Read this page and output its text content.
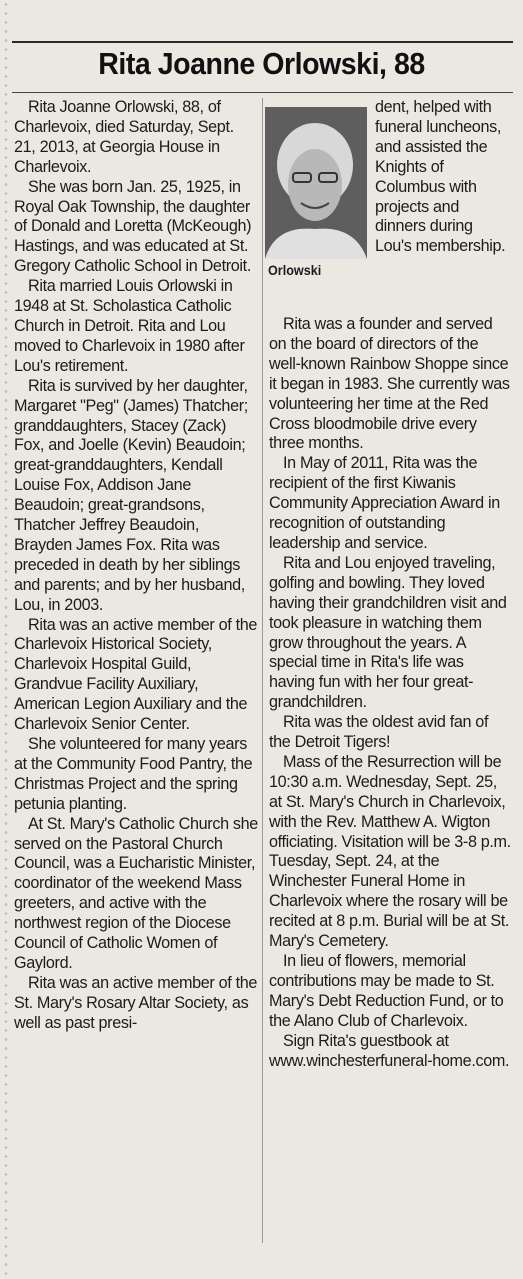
Rita Joanne Orlowski, 88

Rita Joanne Orlowski, 88, of Charlevoix, died Saturday, Sept. 21, 2013, at Georgia House in Charlevoix.

She was born Jan. 25, 1925, in Royal Oak Township, the daughter of Donald and Loretta (McKeough) Hastings, and was educated at St. Gregory Catholic School in Detroit.

Rita married Louis Orlowski in 1948 at St. Scholastica Catholic Church in Detroit. Rita and Lou moved to Charlevoix in 1980 after Lou's retirement.

Rita is survived by her daughter, Margaret "Peg" (James) Thatcher; granddaughters, Stacey (Zack) Fox, and Joelle (Kevin) Beaudoin; great-granddaughters, Kendall Louise Fox, Addison Jane Beaudoin; great-grandsons, Thatcher Jeffrey Beaudoin, Brayden James Fox. Rita was preceded in death by her siblings and parents; and by her husband, Lou, in 2003.

Rita was an active member of the Charlevoix Historical Society, Charlevoix Hospital Guild, Grandvue Facility Auxiliary, American Legion Auxiliary and the Charlevoix Senior Center.

She volunteered for many years at the Community Food Pantry, the Christmas Project and the spring petunia planting.

At St. Mary's Catholic Church she served on the Pastoral Church Council, was a Eucharistic Minister, coordinator of the weekend Mass greeters, and active with the northwest region of the Diocese Council of Catholic Women of Gaylord.

Rita was an active member of the St. Mary's Rosary Altar Society, as well as past presi-

Orlowski

dent, helped with funeral luncheons, and assisted the Knights of Columbus with projects and dinners during Lou's membership.

Rita was a founder and served on the board of directors of the well-known Rainbow Shoppe since it began in 1983. She currently was volunteering her time at the Red Cross bloodmobile drive every three months.

In May of 2011, Rita was the recipient of the first Kiwanis Community Appreciation Award in recognition of outstanding leadership and service.

Rita and Lou enjoyed traveling, golfing and bowling. They loved having their grandchildren visit and took pleasure in watching them grow throughout the years. A special time in Rita's life was having fun with her four great-grandchildren.

Rita was the oldest avid fan of the Detroit Tigers!

Mass of the Resurrection will be 10:30 a.m. Wednesday, Sept. 25, at St. Mary's Church in Charlevoix, with the Rev. Matthew A. Wigton officiating. Visitation will be 3-8 p.m. Tuesday, Sept. 24, at the Winchester Funeral Home in Charlevoix where the rosary will be recited at 8 p.m. Burial will be at St. Mary's Cemetery.

In lieu of flowers, memorial contributions may be made to St. Mary's Debt Reduction Fund, or to the Alano Club of Charlevoix.

Sign Rita's guestbook at www.winchesterfuneral-home.com.
